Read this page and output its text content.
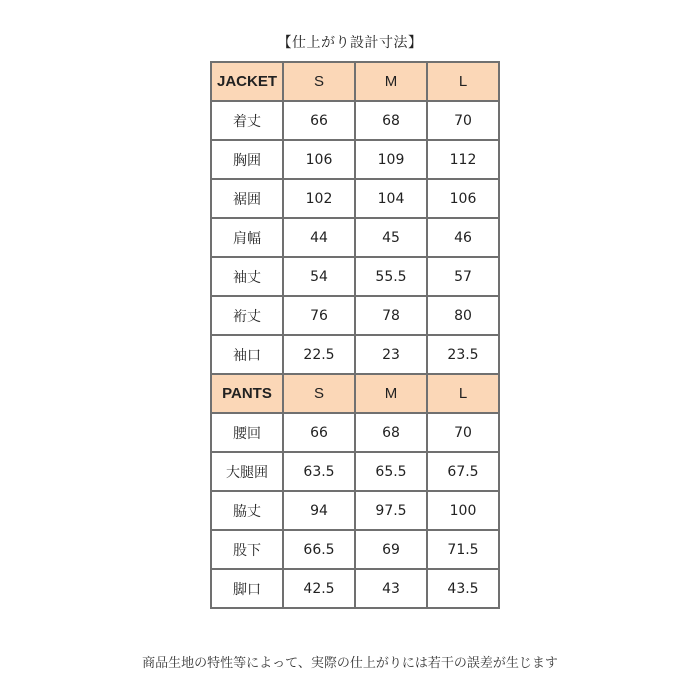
【仕上がり設計寸法】
JACKET	S	M	L
着丈	66	68	70
胸囲	106	109	112
裾囲	102	104	106
肩幅	44	45	46
袖丈	54	55.5	57
裄丈	76	78	80
袖口	22.5	23	23.5
PANTS	S	M	L
腰回	66	68	70
大腿囲	63.5	65.5	67.5
脇丈	94	97.5	100
股下	66.5	69	71.5
脚口	42.5	43	43.5
商品生地の特性等によって、実際の仕上がりには若干の誤差が生じます
